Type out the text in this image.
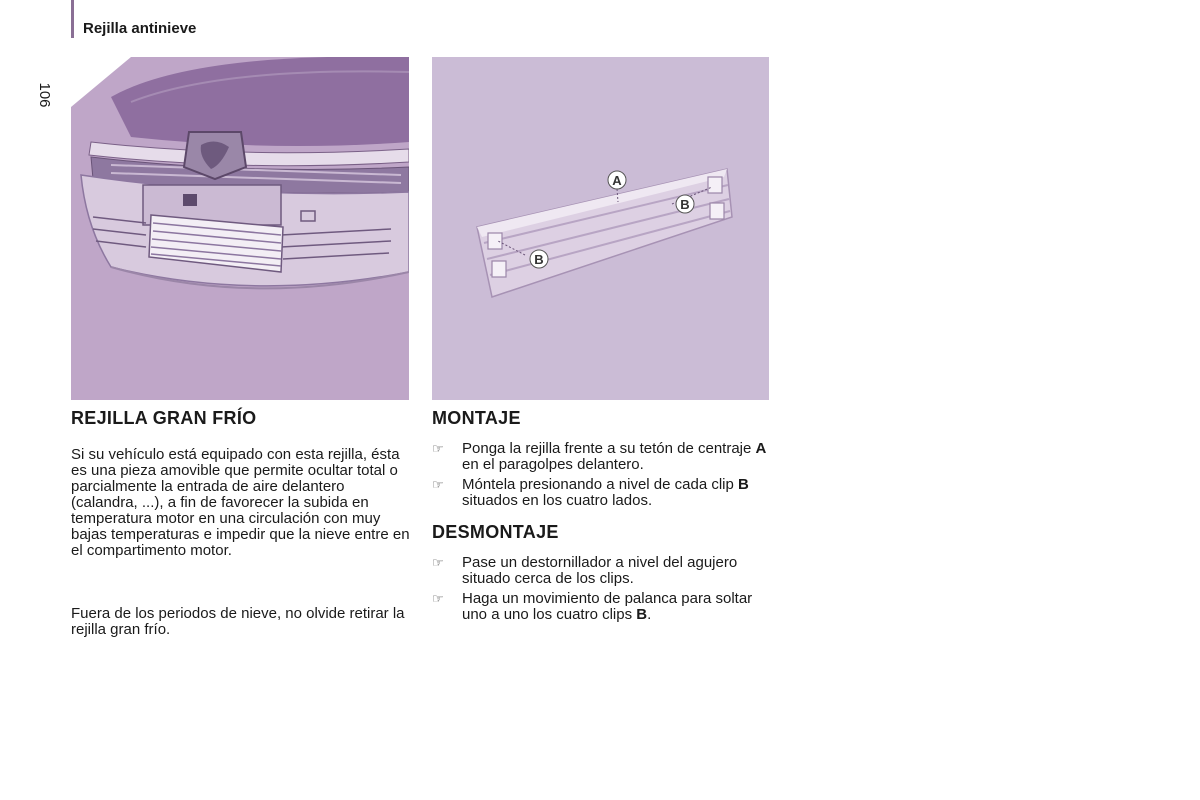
Rejilla antinieve
106
A
B
B
REJILLA GRAN FRÍO

Si su vehículo está equipado con esta rejilla, ésta es una pieza amovible que permite ocultar total o parcialmente la entrada de aire delantero (calandra, ...), a fin de favorecer la subida en temperatura motor en una circulación con muy bajas temperaturas e impedir que la nieve entre en el compartimento motor.

Fuera de los periodos de nieve, no olvide retirar la rejilla gran frío.

MONTAJE
☞ Ponga la rejilla frente a su tetón de centraje A en el paragolpes delantero.
☞ Móntela presionando a nivel de cada clip B situados en los cuatro lados.
DESMONTAJE
☞ Pase un destornillador a nivel del agujero situado cerca de los clips.
☞ Haga un movimiento de palanca para soltar uno a uno los cuatro clips B.
